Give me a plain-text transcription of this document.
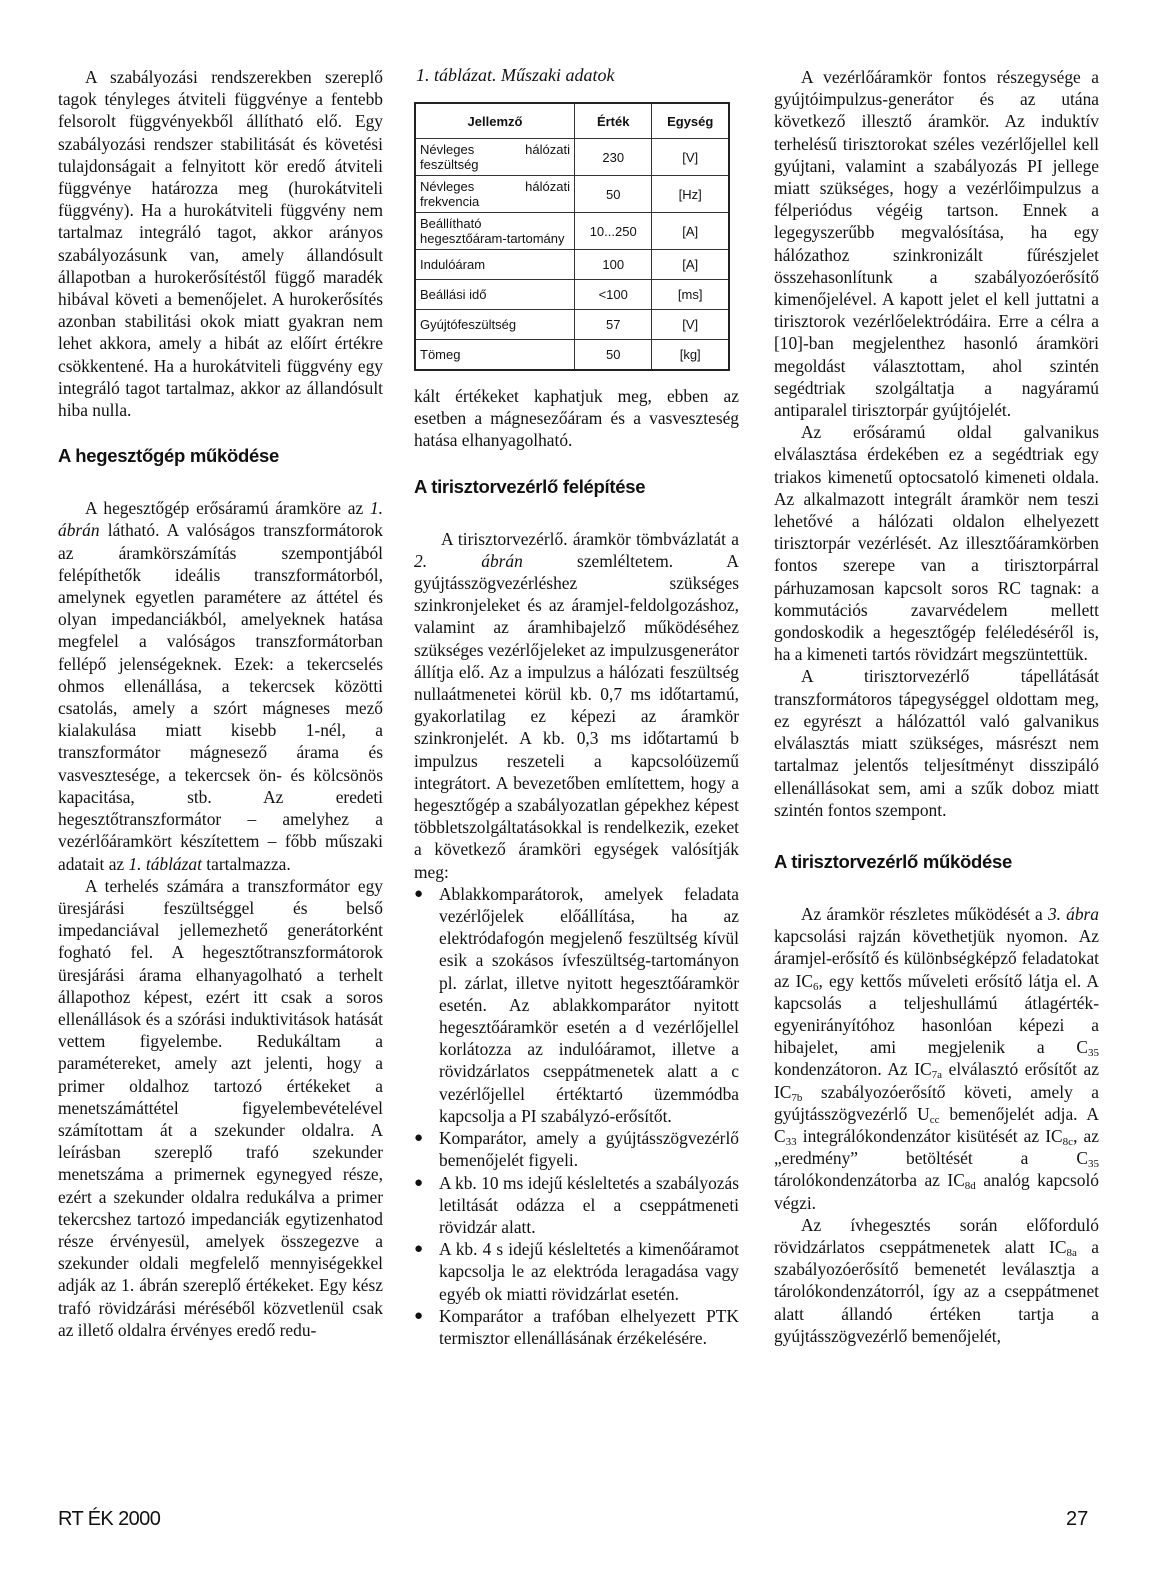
A szabályozási rendszerekben szereplő tagok tényleges átviteli függvénye a fentebb felsorolt függvényekből állítható elő. Egy szabályozási rendszer stabilitását és követési tulajdonságait a felnyitott kör eredő átviteli függvénye határozza meg (hurokátviteli függvény). Ha a hurokátviteli függvény nem tartalmaz integráló tagot, akkor arányos szabályozásunk van, amely állandósult állapotban a hurokerősítéstől függő maradék hibával követi a bemenőjelet. A hurokerősítés azonban stabilitási okok miatt gyakran nem lehet akkora, amely a hibát az előírt értékre csökkentené. Ha a hurokátviteli függvény egy integráló tagot tartalmaz, akkor az állandósult hiba nulla.

A hegesztőgép működése

A hegesztőgép erősáramú áramköre az 1. ábrán látható. A valóságos transzformátorok az áramkörszámítás szempontjából felépíthetők ideális transzformátorból, amelynek egyetlen paramétere az áttétel és olyan impedanciákból, amelyeknek hatása megfelel a valóságos transzformátorban fellépő jelenségeknek. Ezek: a tekercselés ohmos ellenállása, a tekercsek közötti csatolás, amely a szórt mágneses mező kialakulása miatt kisebb 1-nél, a transzformátor mágnesező árama és vasvesztesége, a tekercsek ön- és kölcsönös kapacitása, stb. Az eredeti hegesztőtranszformátor – amelyhez a vezérlőáramkört készítettem – főbb műszaki adatait az 1. táblázat tartalmazza.

A terhelés számára a transzformátor egy üresjárási feszültséggel és belső impedanciával jellemezhető generátorként fogható fel. A hegesztőtranszformátorok üresjárási árama elhanyagolható a terhelt állapothoz képest, ezért itt csak a soros ellenállások és a szórási induktivitások hatását vettem figyelembe. Redukáltam a paramétereket, amely azt jelenti, hogy a primer oldalhoz tartozó értékeket a menetszámáttétel figyelembevételével számítottam át a szekunder oldalra. A leírásban szereplő trafó szekunder menetszáma a primernek egynegyed része, ezért a szekunder oldalra redukálva a primer tekercshez tartozó impedanciák egytizenhatod része érvényesül, amelyek összegezve a szekunder oldali megfelelő mennyiségekkel adják az 1. ábrán szereplő értékeket. Egy kész trafó rövidzárási méréséből közvetlenül csak az illető oldalra érvényes eredő redu-

1. táblázat. Műszaki adatok
Jellemző	Érték	Egység
Névleges hálózati feszültség	230	[V]
Névleges hálózati frekvencia	50	[Hz]
Beállítható hegesztőáram-tartomány	10...250	[A]
Indulóáram	100	[A]
Beállási idő	<100	[ms]
Gyújtófeszültség	57	[V]
Tömeg	50	[kg]

kált értékeket kaphatjuk meg, ebben az esetben a mágnesezőáram és a vasveszteség hatása elhanyagolható.

A tirisztorvezérlő felépítése

A tirisztorvezérlő. áramkör tömbvázlatát a 2. ábrán szemléltetem. A gyújtásszögvezérléshez szükséges szinkronjeleket és az áramjel-feldolgozáshoz, valamint az áramhibajelző működéséhez szükséges vezérlőjeleket az impulzusgenerátor állítja elő. Az a impulzus a hálózati feszültség nullaátmenetei körül kb. 0,7 ms időtartamú, gyakorlatilag ez képezi az áramkör szinkronjelét. A kb. 0,3 ms időtartamú b impulzus reszeteli a kapcsolóüzemű integrátort. A bevezetőben említettem, hogy a hegesztőgép a szabályozatlan gépekhez képest többletszolgáltatásokkal is rendelkezik, ezeket a következő áramköri egységek valósítják meg:

● Ablakkomparátorok, amelyek feladata vezérlőjelek előállítása, ha az elektródafogón megjelenő feszültség kívül esik a szokásos ívfeszültség-tartományon pl. zárlat, illetve nyitott hegesztőáramkör esetén. Az ablakkomparátor nyitott hegesztőáramkör esetén a d vezérlőjellel korlátozza az indulóáramot, illetve a rövidzárlatos cseppátmenetek alatt a c vezérlőjellel értéktartó üzemmódba kapcsolja a PI szabályzó-erősítőt.
● Komparátor, amely a gyújtásszögvezérlő bemenőjelét figyeli.
● A kb. 10 ms idejű késleltetés a szabályozás letiltását odázza el a cseppátmeneti rövidzár alatt.
● A kb. 4 s idejű késleltetés a kimenőáramot kapcsolja le az elektróda leragadása vagy egyéb ok miatti rövidzárlat esetén.
● Komparátor a trafóban elhelyezett PTK termisztor ellenállásának érzékelésére.

A vezérlőáramkör fontos részegysége a gyújtóimpulzus-generátor és az utána következő illesztő áramkör. Az induktív terhelésű tirisztorokat széles vezérlőjellel kell gyújtani, valamint a szabályozás PI jellege miatt szükséges, hogy a vezérlőimpulzus a félperiódus végéig tartson. Ennek a legegyszerűbb megvalósítása, ha egy hálózathoz szinkronizált fűrészjelet összehasonlítunk a szabályozóerősítő kimenőjelével. A kapott jelet el kell juttatni a tirisztorok vezérlőelektródáira. Erre a célra a [10]-ban megjelenthez hasonló áramköri megoldást választottam, ahol szintén segédtriak szolgáltatja a nagyáramú antiparalel tirisztorpár gyújtójelét.

Az erősáramú oldal galvanikus elválasztása érdekében ez a segédtriak egy triakos kimenetű optocsatoló kimeneti oldala. Az alkalmazott integrált áramkör nem teszi lehetővé a hálózati oldalon elhelyezett tirisztorpár vezérlését. Az illesztőáramkörben fontos szerepe van a tirisztorpárral párhuzamosan kapcsolt soros RC tagnak: a kommutációs zavarvédelem mellett gondoskodik a hegesztőgép feléledéséről is, ha a kimeneti tartós rövidzárt megszüntettük.

A tirisztorvezérlő tápellátását transzformátoros tápegységgel oldottam meg, ez egyrészt a hálózattól való galvanikus elválasztás miatt szükséges, másrészt nem tartalmaz jelentős teljesítményt disszipáló ellenállásokat sem, ami a szűk doboz miatt szintén fontos szempont.

A tirisztorvezérlő működése

Az áramkör részletes működését a 3. ábra kapcsolási rajzán követhetjük nyomon. Az áramjel-erősítő és különbségképző feladatokat az $IC_6$, egy kettős műveleti erősítő látja el. A kapcsolás a teljeshullámú átlagérték-egyenirányítóhoz hasonlóan képezi a hibajelet, ami megjelenik a $C_{35}$ kondenzátoron. Az $IC_{7a}$ elválasztó erősítőt az $IC_{7b}$ szabályozóerősítő követi, amely a gyújtásszögvezérlő $U_{cc}$ bemenőjelét adja. A $C_{33}$ integrálókondenzátor kisütését az $IC_{8c}$, az „eredmény” betöltését a $C_{35}$ tárolókondenzátorba az $IC_{8d}$ analóg kapcsoló végzi.

Az ívhegesztés során előforduló rövidzárlatos cseppátmenetek alatt $IC_{8a}$ a szabályozóerősítő bemenetét leválasztja a tárolókondenzátorról, így az a cseppátmenet alatt állandó értéken tartja a gyújtásszögvezérlő bemenőjelét,

RT ÉK 2000	27
